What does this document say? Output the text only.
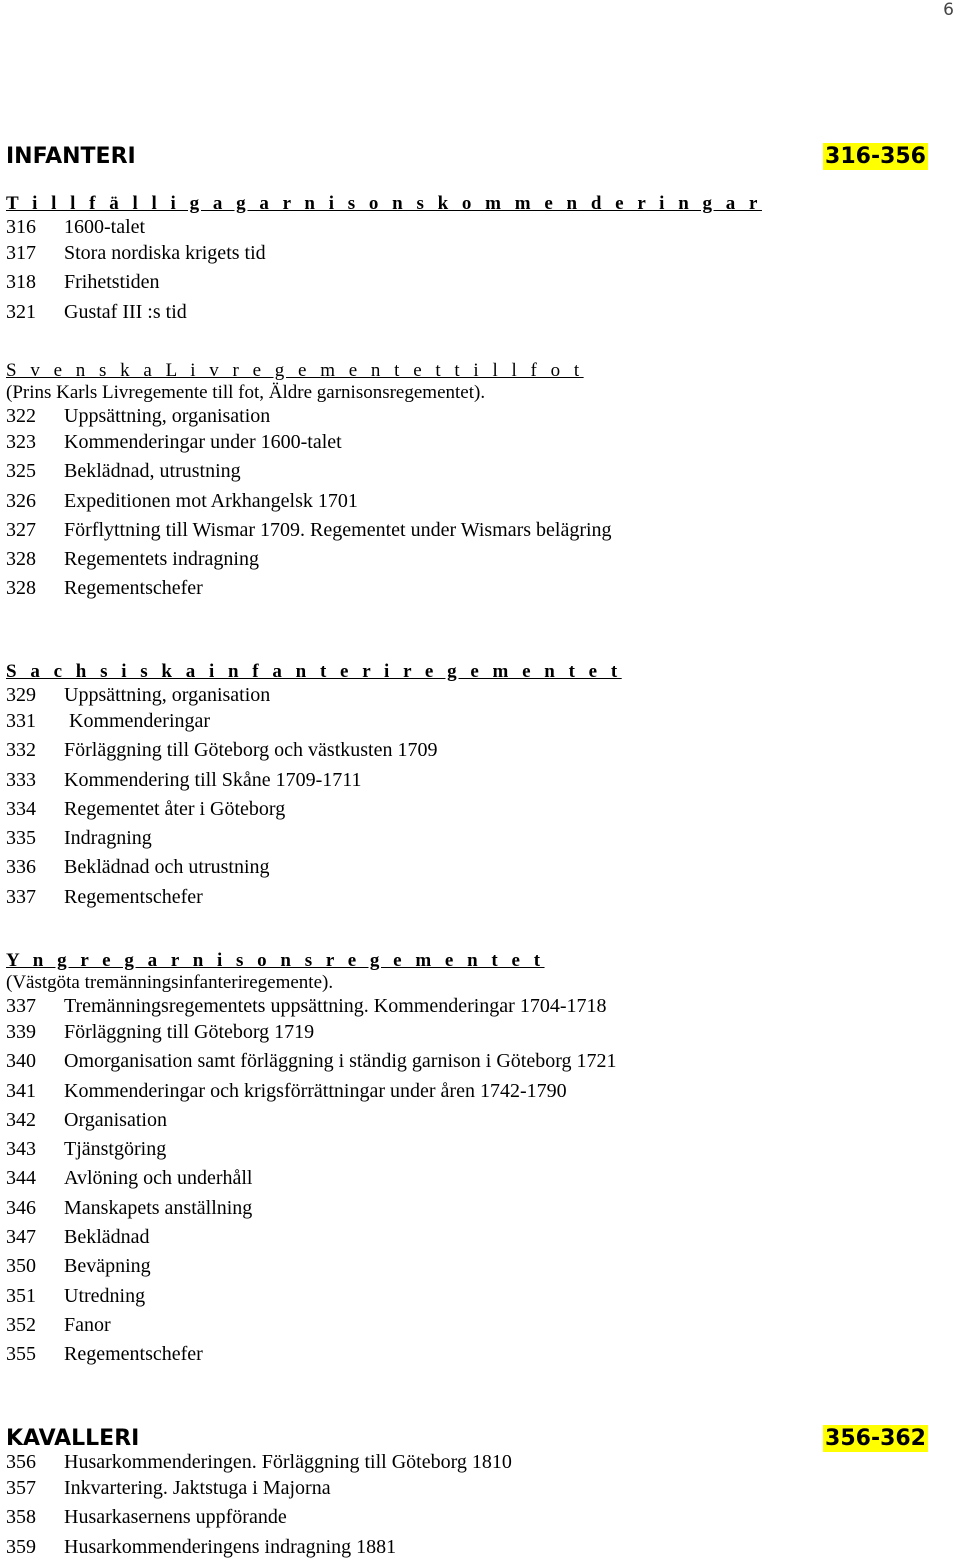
6
INFANTERI	316-356
T i l l f ä l l i g a g a r n i s o n s k o m m e n d e r i n g a r
316	1600-talet
317	Stora nordiska krigets tid
318	Frihetstiden
321	Gustaf III :s tid
S v e n s k a L i v r e g e m e n t e t t i l l f o t
(Prins Karls Livregemente till fot, Äldre garnisonsregementet).
322	Uppsättning, organisation
323	Kommenderingar under 1600-talet
325	Beklädnad, utrustning
326	Expeditionen mot Arkhangelsk 1701
327	Förflyttning till Wismar 1709. Regementet under Wismars belägring
328	Regementets indragning
328	Regementschefer
S a c h s i s k a i n f a n t e r i r e g e m e n t e t
329	Uppsättning, organisation
331	Kommenderingar
332	Förläggning till Göteborg och västkusten 1709
333	Kommendering till Skåne 1709-1711
334	Regementet åter i Göteborg
335	Indragning
336	Beklädnad och utrustning
337	Regementschefer
Y n g r e g a r n i s o n s r e g e m e n t e t
(Västgöta tremänningsinfanteriregemente).
337	Tremänningsregementets uppsättning. Kommenderingar 1704-1718
339	Förläggning till Göteborg 1719
340	Omorganisation samt förläggning i ständig garnison i Göteborg 1721
341	Kommenderingar och krigsförrättningar under åren 1742-1790
342	Organisation
343	Tjänstgöring
344	Avlöning och underhåll
346	Manskapets anställning
347	Beklädnad
350	Beväpning
351	Utredning
352	Fanor
355	Regementschefer
KAVALLERI	356-362
356	Husarkommenderingen. Förläggning till Göteborg 1810
357	Inkvartering. Jaktstuga i Majorna
358	Husarkasernens uppförande
359	Husarkommenderingens indragning 1881
